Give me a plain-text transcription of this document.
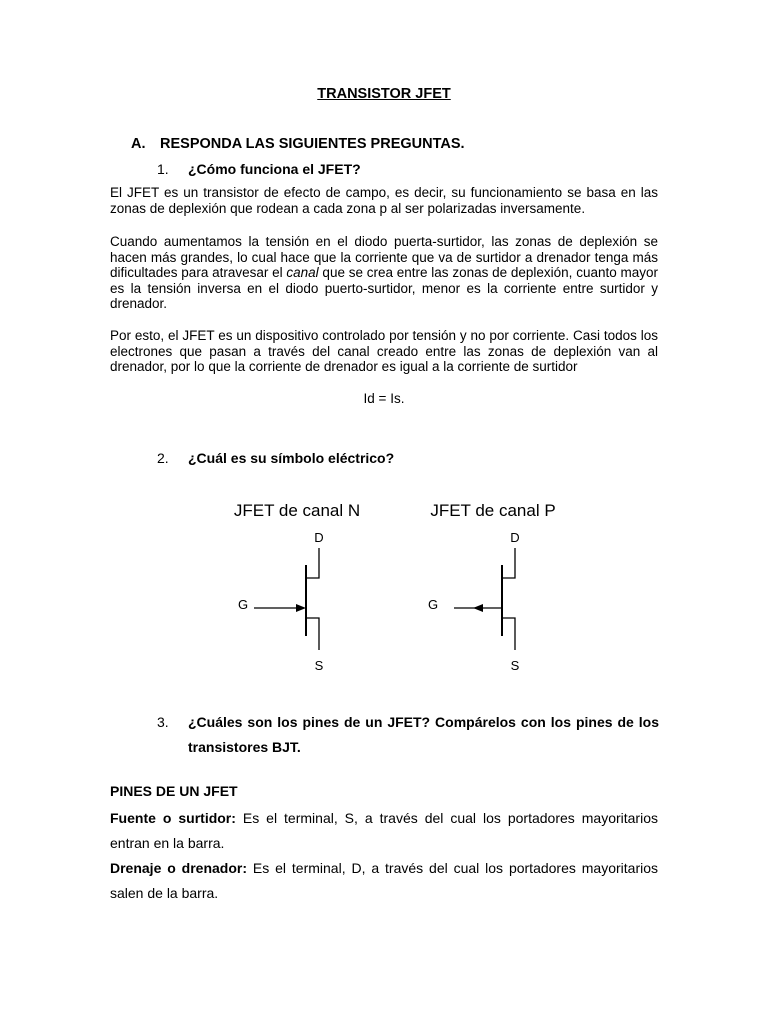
TRANSISTOR JFET
A. RESPONDA LAS SIGUIENTES PREGUNTAS.
1. ¿Cómo funciona el JFET?

El JFET es un transistor de efecto de campo, es decir, su funcionamiento se basa en las zonas de deplexión que rodean a cada zona p al ser polarizadas inversamente.

Cuando aumentamos la tensión en el diodo puerta-surtidor, las zonas de deplexión se hacen más grandes, lo cual hace que la corriente que va de surtidor a drenador tenga más dificultades para atravesar el canal que se crea entre las zonas de deplexión, cuanto mayor es la tensión inversa en el diodo puerto-surtidor, menor es la corriente entre surtidor y drenador.

Por esto, el JFET es un dispositivo controlado por tensión y no por corriente. Casi todos los electrones que pasan a través del canal creado entre las zonas de deplexión van al drenador, por lo que la corriente de drenador es igual a la corriente de surtidor

Id = Is.
2. ¿Cuál es su símbolo eléctrico?
JFET de canal N
D
G
S
JFET de canal P
D
G
S
3. ¿Cuáles son los pines de un JFET? Compárelos con los pines de los transistores BJT.
PINES DE UN JFET

Fuente o surtidor: Es el terminal, S, a través del cual los portadores mayoritarios entran en la barra.

Drenaje o drenador: Es el terminal, D, a través del cual los portadores mayoritarios salen de la barra.
